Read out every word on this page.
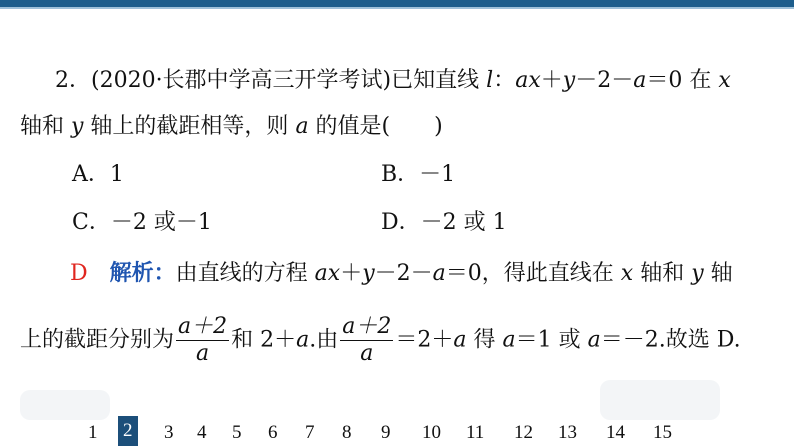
2．(2020·长郡中学高三开学考试)已知直线 l：ax＋y－2－a＝0 在 x
轴和 y 轴上的截距相等，则 a 的值是(　　)
A．1	B．－1
C．－2 或－1	D．－2 或 1
D  解析：由直线的方程 ax＋y－2－a＝0，得此直线在 x 轴和 y 轴
上的截距分别为 $\frac{a+2}{a}$ 和 2＋a.由 $\frac{a+2}{a} =2+a$ 得 a＝1 或 a＝－2.故选 D.
1 2 3 4 5 6 7 8 9 10 11 12 13 14 15
